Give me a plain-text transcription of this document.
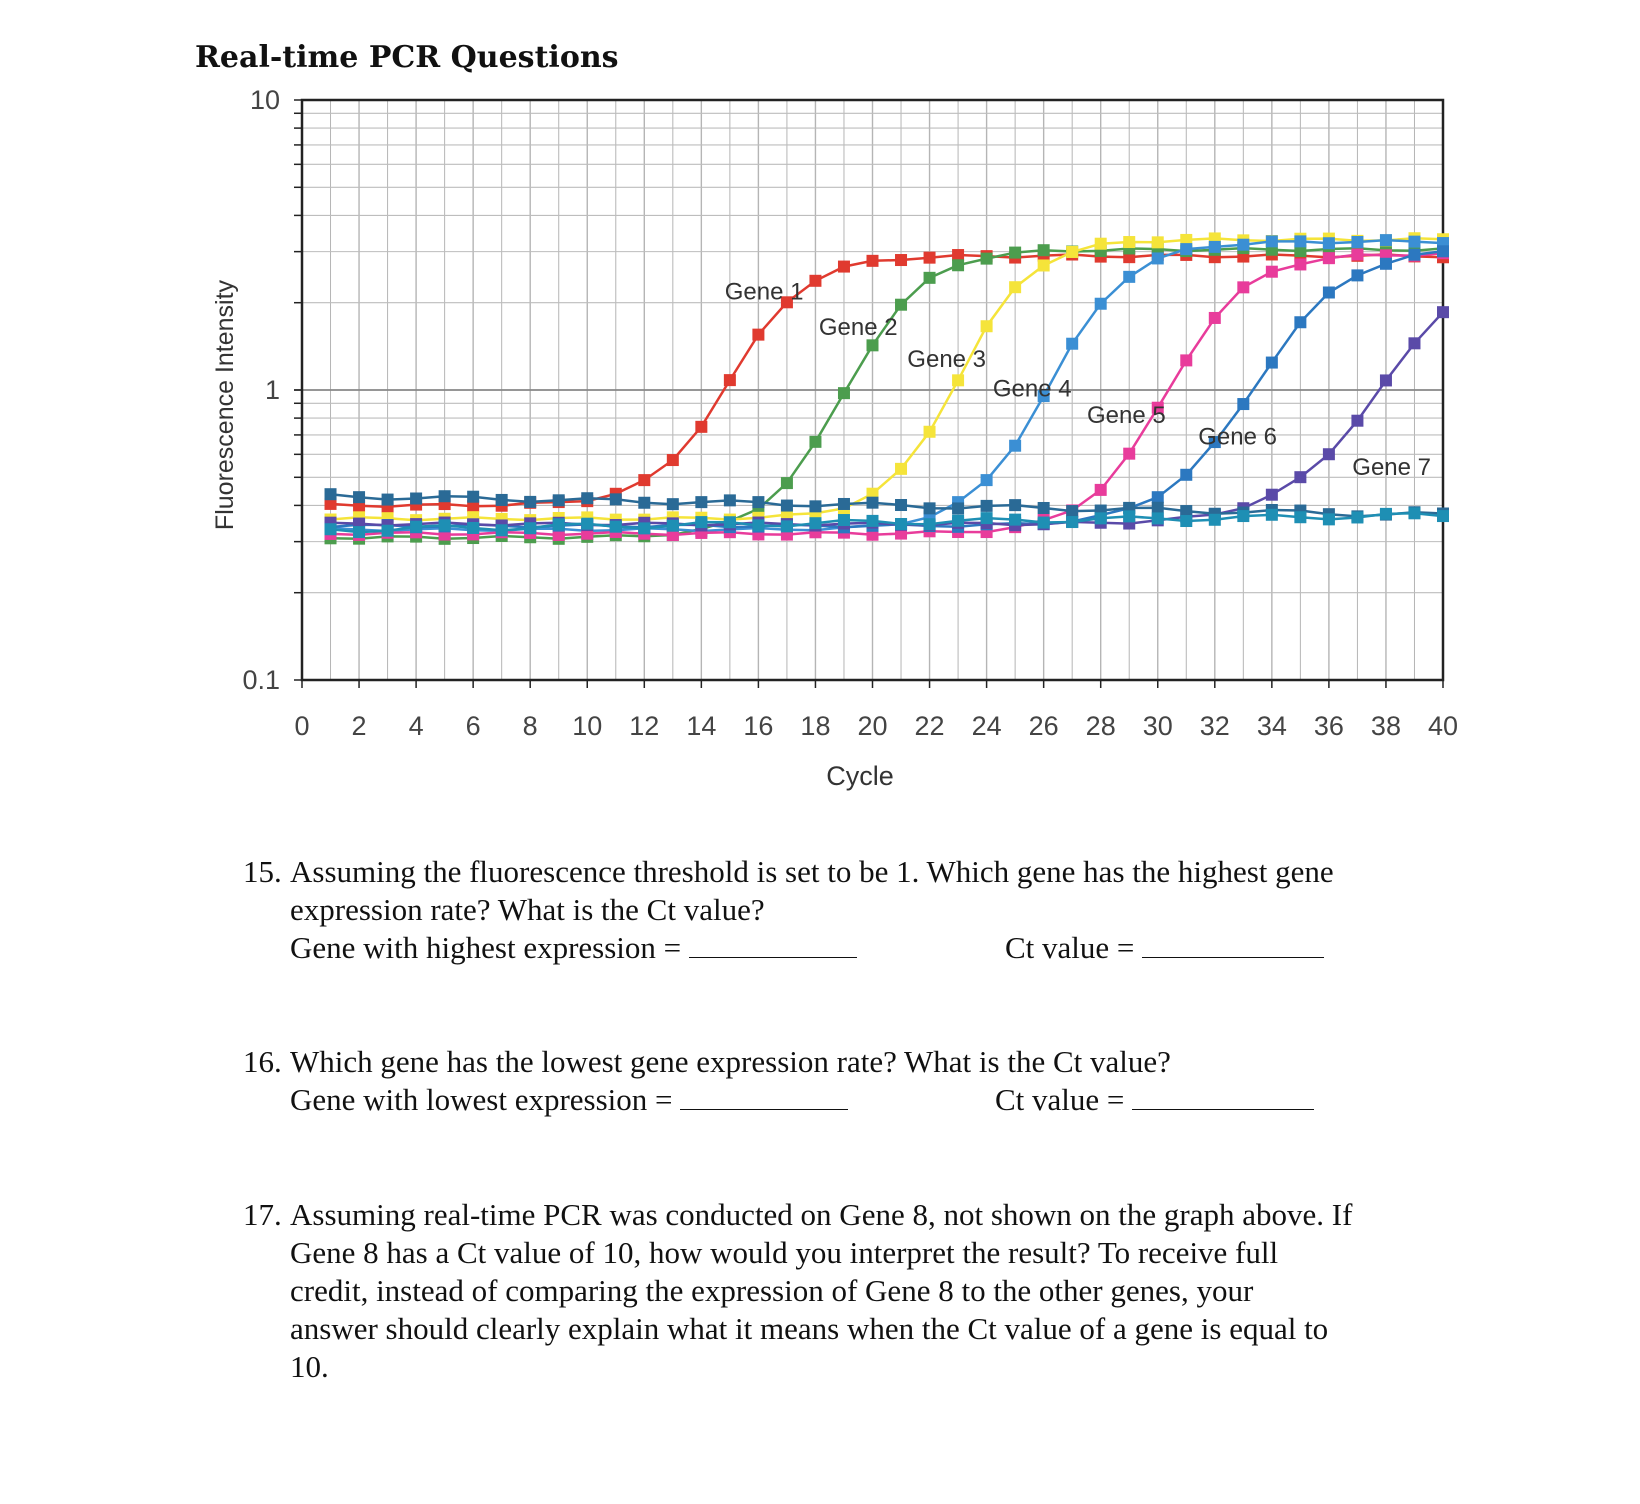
Real-time PCR Questions
0 2 4 6 8 10 12 14 16 18 20 22 24 26 28 30 32 34 36 38 40
10
1
0.1
Gene 1
Gene 2
Gene 3
Gene 4
Gene 5
Gene 6
Gene 7
Cycle
Fluorescence Intensity
15. Assuming the fluorescence threshold is set to be 1. Which gene has the highest gene
expression rate? What is the Ct value?
Gene with highest expression =	Ct value =
16. Which gene has the lowest gene expression rate? What is the Ct value?
Gene with lowest expression =	Ct value =
17. Assuming real-time PCR was conducted on Gene 8, not shown on the graph above. If
Gene 8 has a Ct value of 10, how would you interpret the result? To receive full
credit, instead of comparing the expression of Gene 8 to the other genes, your
answer should clearly explain what it means when the Ct value of a gene is equal to
10.
